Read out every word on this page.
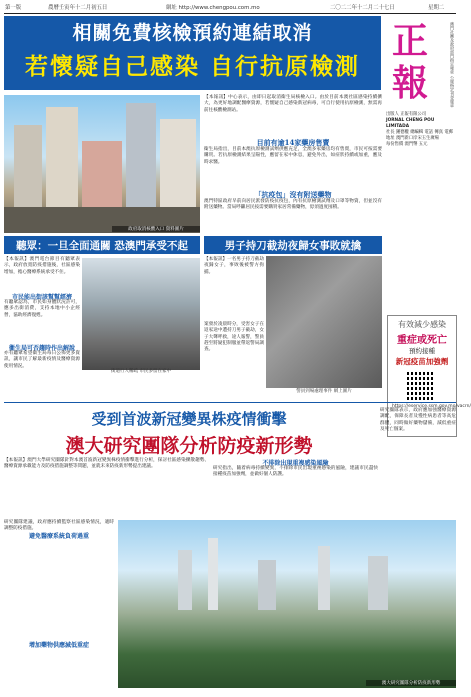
第一版	農曆壬寅年十二月初五日	網址 http://www.chengpou.com.mo	二〇二二年十二月二十七日	星期二
相關免費核檢預約連結取消
若懷疑自己感染 自行抗原檢測
正報	澳門社團及政府部門指定報章 公報指定刊登報章
出版人 正報有限公司
JORNAL CHENG POU LIMITADA
社長 鍾德權 總編輯 電話 傳真 電郵 地址 澳門新口岸宋玉生廣場
每份售價 澳門幣 五元
有效減少感染
重症或死亡
預約接種
新冠疫苗加強劑
https://eservice.ssm.gov.mo/vacrn/
政府取消核酸入口 資料圖片
【本報訊】中心表示，由即日起取消衞生局核檢入口。由於目前本澳社區感染持續擴大，為更好地調配醫療資源，若懷疑自己感染新冠病毒，可自行使用抗原檢測，無需再前往核酸檢測站。
目前有逾14家藥房售賣
衞生局指出，目前本澳抗原檢測試劑供應充足，全澳多家藥房均有售賣，市民可按需要購買。若抗原檢測結果呈陽性，應留在家中休息，避免外出，如症狀持續或加重，應及時求醫。
「抗疫包」沒有附送藥物
澳門特區政府早前向居民派發防疫抗疫包，內有抗原檢測試劑及口罩等物資，但並沒有附送藥物。當局呼籲居民按需要購買家居常備藥物，毋須過度囤積。
聽眾：一旦全面通關 恐澳門承受不起
【本報訊】澳門電台節目有聽眾表示，政府放寬防疫措施後，社區感染增加，擔心醫療系統承受不住。
市民能出街該幫幫經濟
有聽眾認為，市民如身體狀況許可，應多出街消費，支持本地中小企經營，協助經濟復甦。
衞生局可否趨時作出解說
亦有聽眾希望衞生局每日公佈更多資訊，讓市民了解最新疫情及醫療資源使用情況。
街道行人稀疏 市民多留在家中
男子持刀截劫夜歸女事敗就擒
【本報訊】一名男子持刀截劫夜歸女子，事敗後被警方拘捕。
案發於凌晨時分，受害女子在返家途中遭持刀男子截劫，女子大聲呼救，途人報警，警員趕至將疑犯制服並帶返警局調查。
警員到場處理事件 網上圖片
受到首波新冠變異株疫情衝擊
澳大研究團隊分析防疫新形勢
【本報訊】澳門大學研究團隊針對本澳首波新冠變異株疫情衝擊進行分析，探討社區感染擴散趨勢、醫療資源承載能力及防疫措施調整等問題，並就未來防疫新形勢提出建議。	不排除出現重複感染風險
研究指出，隨着病毒持續變異，不排除市民出現重複感染的風險，建議市民盡快接種疫苗加強劑，並做好個人防護。
研究團隊表示，政府應加強醫療資源調配，保障長者及慢性病患者等高危群體，同時做好藥物儲備，減低重症及死亡個案。
研究團隊建議，政府應持續監察社區感染情況，適時調整防疫措施。
避免醫療系統負荷過重
增加藥物供應減低重症
澳大研究團隊分析防疫新形勢
